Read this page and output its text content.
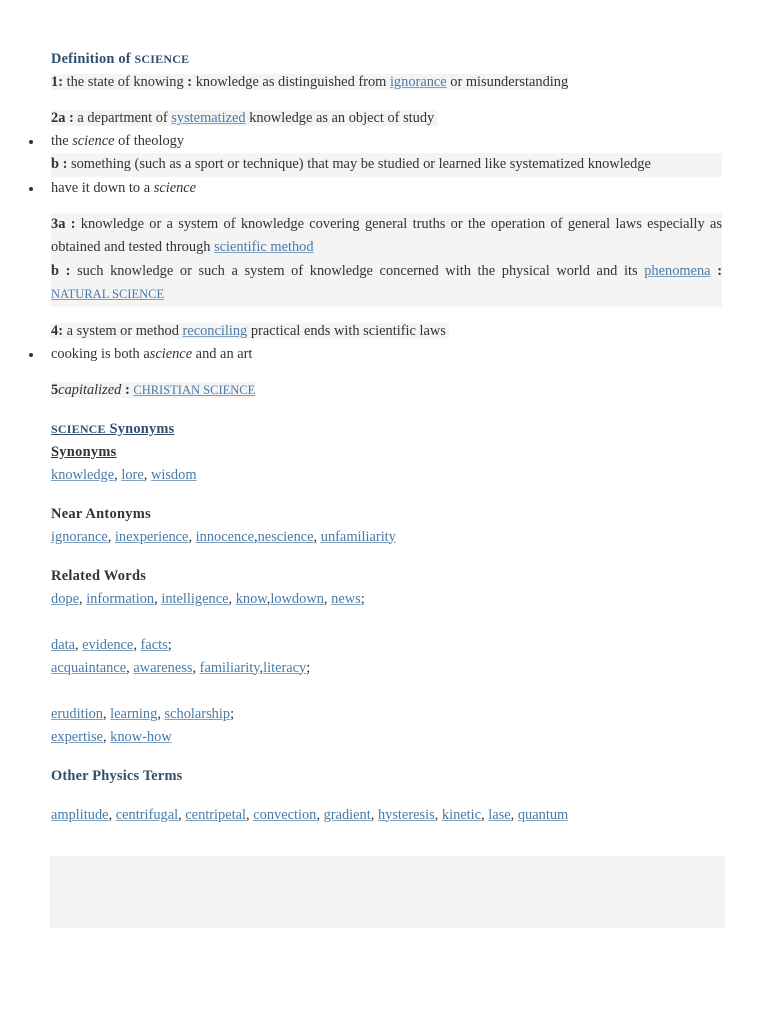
Definition of SCIENCE
1: the state of knowing : knowledge as distinguished from ignorance or misunderstanding
2a : a department of systematized knowledge as an object of study
the science of theology
b : something (such as a sport or technique) that may be studied or learned like systematized knowledge
have it down to a science
3a : knowledge or a system of knowledge covering general truths or the operation of general laws especially as obtained and tested through scientific method
b : such knowledge or such a system of knowledge concerned with the physical world and its phenomena : NATURAL SCIENCE
4: a system or method reconciling practical ends with scientific laws
cooking is both ascience and an art
5capitalized : CHRISTIAN SCIENCE
SCIENCE Synonyms
Synonyms
knowledge, lore, wisdom
Near Antonyms
ignorance, inexperience, innocence,nescience, unfamiliarity
Related Words
dope, information, intelligence, know,lowdown, news;
data, evidence, facts;
acquaintance, awareness, familiarity,literacy;
erudition, learning, scholarship;
expertise, know-how
Other Physics Terms
amplitude, centrifugal, centripetal, convection, gradient, hysteresis, kinetic, lase, quantum
